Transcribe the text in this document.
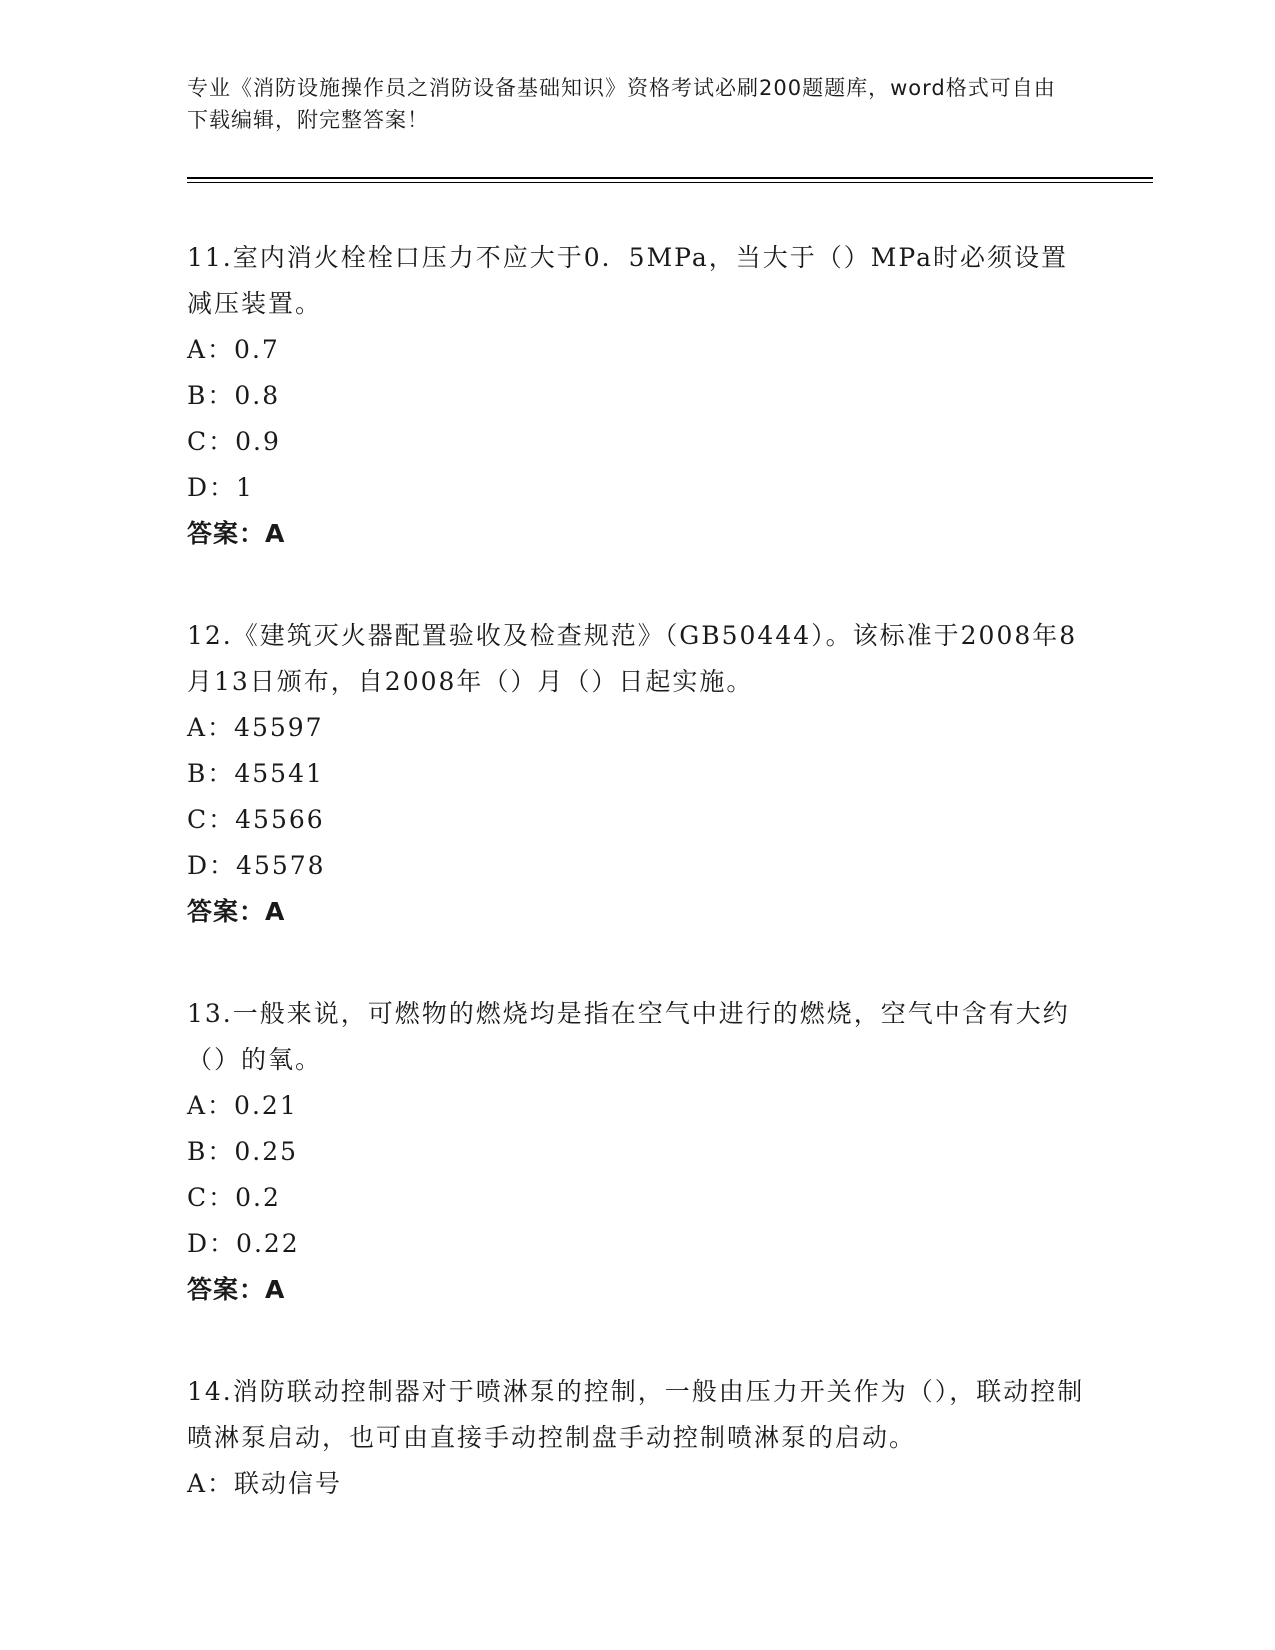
专业《消防设施操作员之消防设备基础知识》资格考试必刷200题题库，word格式可自由下载编辑，附完整答案！
11.室内消火栓栓口压力不应大于0．5MPa，当大于（）MPa时必须设置减压装置。
A：0.7
B：0.8
C：0.9
D：1
答案：A
12.《建筑灭火器配置验收及检查规范》（GB50444）。该标准于2008年8月13日颁布，自2008年（）月（）日起实施。
A：45597
B：45541
C：45566
D：45578
答案：A
13.一般来说，可燃物的燃烧均是指在空气中进行的燃烧，空气中含有大约（）的氧。
A：0.21
B：0.25
C：0.2
D：0.22
答案：A
14.消防联动控制器对于喷淋泵的控制，一般由压力开关作为（），联动控制喷淋泵启动，也可由直接手动控制盘手动控制喷淋泵的启动。
A：联动信号
